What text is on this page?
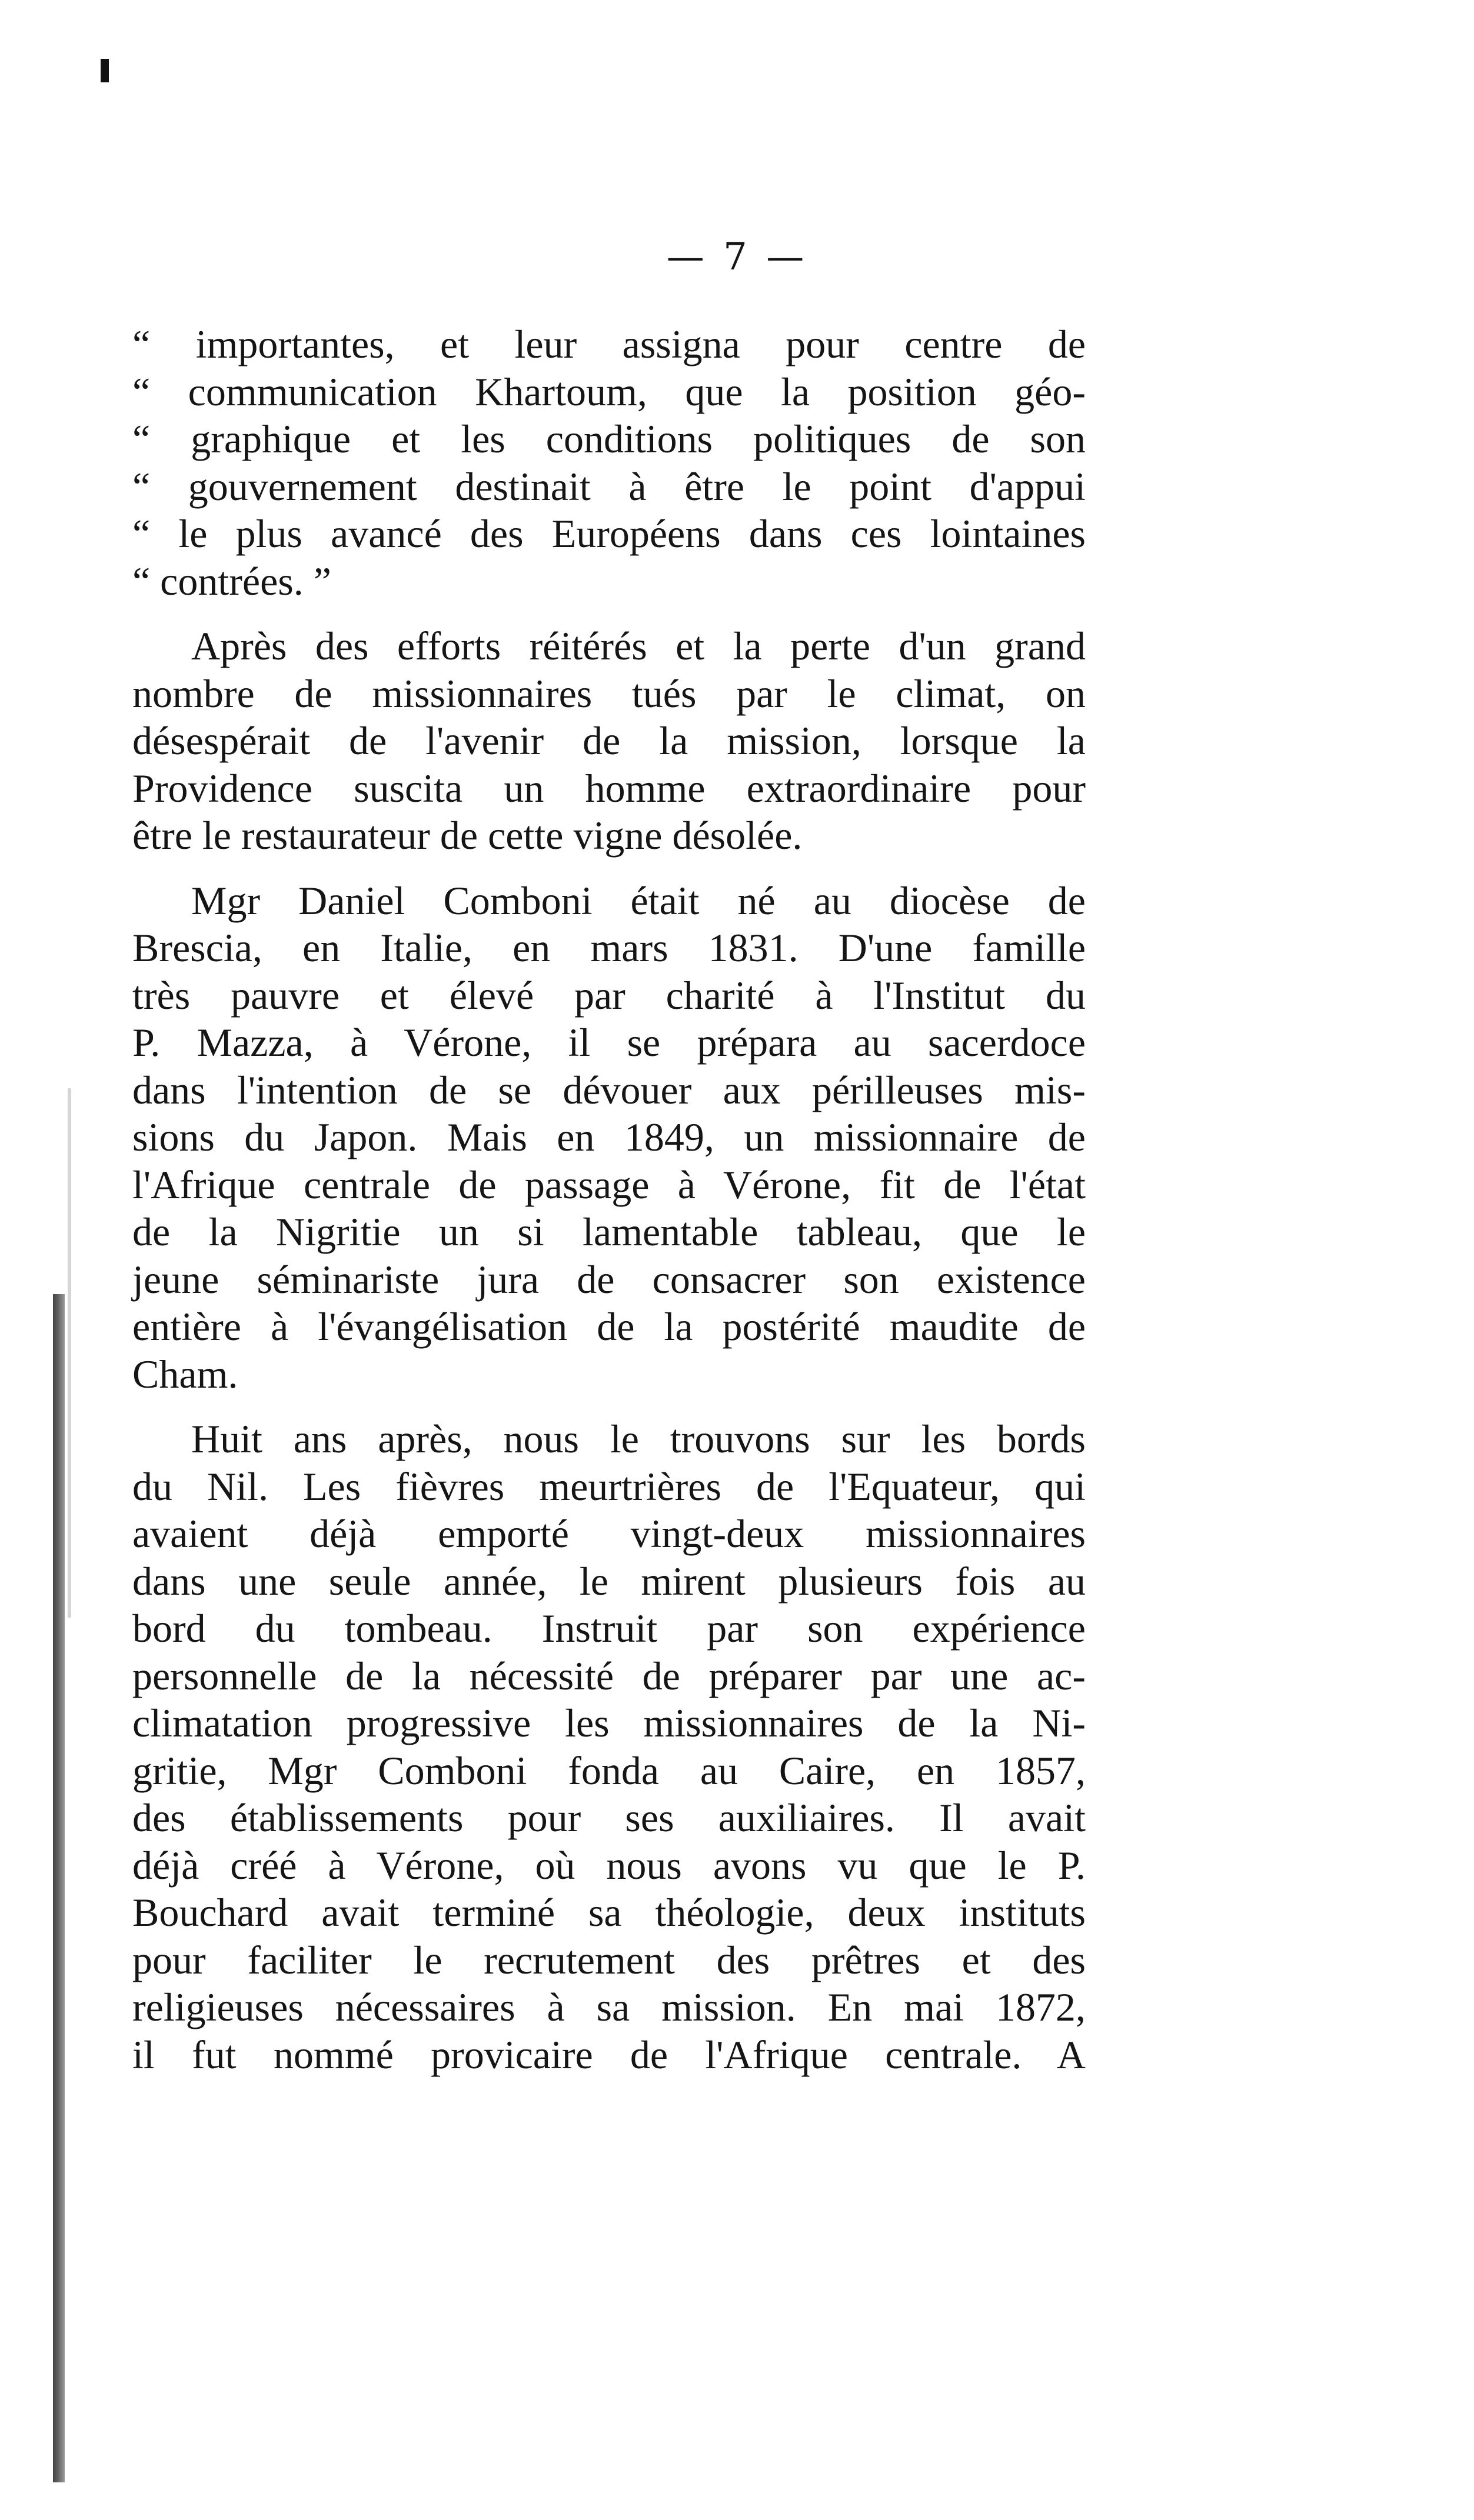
— 7 —
“ importantes, et leur assigna pour centre de
“ communication Khartoum, que la position géo-
“ graphique et les conditions politiques de son
“ gouvernement destinait à être le point d'appui
“ le plus avancé des Européens dans ces lointaines
“ contrées. ”
Après des efforts réitérés et la perte d'un grand
nombre de missionnaires tués par le climat, on
désespérait de l'avenir de la mission, lorsque la
Providence suscita un homme extraordinaire pour
être le restaurateur de cette vigne désolée.
Mgr Daniel Comboni était né au diocèse de
Brescia, en Italie, en mars 1831. D'une famille
très pauvre et élevé par charité à l'Institut du
P. Mazza, à Vérone, il se prépara au sacerdoce
dans l'intention de se dévouer aux périlleuses mis-
sions du Japon. Mais en 1849, un missionnaire de
l'Afrique centrale de passage à Vérone, fit de l'état
de la Nigritie un si lamentable tableau, que le
jeune séminariste jura de consacrer son existence
entière à l'évangélisation de la postérité maudite de
Cham.
Huit ans après, nous le trouvons sur les bords
du Nil. Les fièvres meurtrières de l'Equateur, qui
avaient déjà emporté vingt-deux missionnaires
dans une seule année, le mirent plusieurs fois au
bord du tombeau. Instruit par son expérience
personnelle de la nécessité de préparer par une ac-
climatation progressive les missionnaires de la Ni-
gritie, Mgr Comboni fonda au Caire, en 1857,
des établissements pour ses auxiliaires. Il avait
déjà créé à Vérone, où nous avons vu que le P.
Bouchard avait terminé sa théologie, deux instituts
pour faciliter le recrutement des prêtres et des
religieuses nécessaires à sa mission. En mai 1872,
il fut nommé provicaire de l'Afrique centrale. A
